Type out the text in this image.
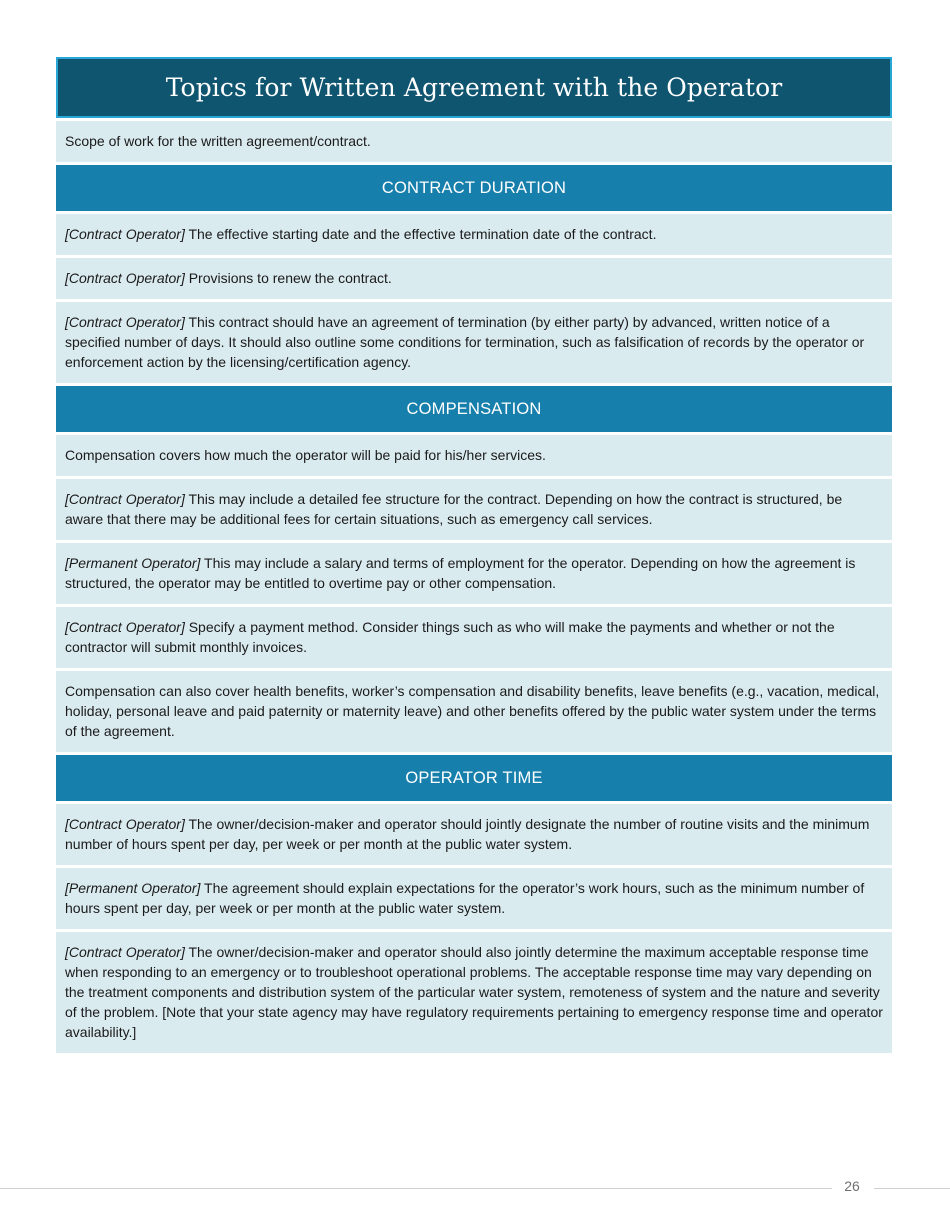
Topics for Written Agreement with the Operator
Scope of work for the written agreement/contract.
CONTRACT DURATION
[Contract Operator] The effective starting date and the effective termination date of the contract.
[Contract Operator] Provisions to renew the contract.
[Contract Operator] This contract should have an agreement of termination (by either party) by advanced, written notice of a specified number of days. It should also outline some conditions for termination, such as falsification of records by the operator or enforcement action by the licensing/certification agency.
COMPENSATION
Compensation covers how much the operator will be paid for his/her services.
[Contract Operator] This may include a detailed fee structure for the contract. Depending on how the contract is structured, be aware that there may be additional fees for certain situations, such as emergency call services.
[Permanent Operator] This may include a salary and terms of employment for the operator. Depending on how the agreement is structured, the operator may be entitled to overtime pay or other compensation.
[Contract Operator] Specify a payment method. Consider things such as who will make the payments and whether or not the contractor will submit monthly invoices.
Compensation can also cover health benefits, worker’s compensation and disability benefits, leave benefits (e.g., vacation, medical, holiday, personal leave and paid paternity or maternity leave) and other benefits offered by the public water system under the terms of the agreement.
OPERATOR TIME
[Contract Operator] The owner/decision-maker and operator should jointly designate the number of routine visits and the minimum number of hours spent per day, per week or per month at the public water system.
[Permanent Operator] The agreement should explain expectations for the operator’s work hours, such as the minimum number of hours spent per day, per week or per month at the public water system.
[Contract Operator] The owner/decision-maker and operator should also jointly determine the maximum acceptable response time when responding to an emergency or to troubleshoot operational problems. The acceptable response time may vary depending on the treatment components and distribution system of the particular water system, remoteness of system and the nature and severity of the problem. [Note that your state agency may have regulatory requirements pertaining to emergency response time and operator availability.]
26
